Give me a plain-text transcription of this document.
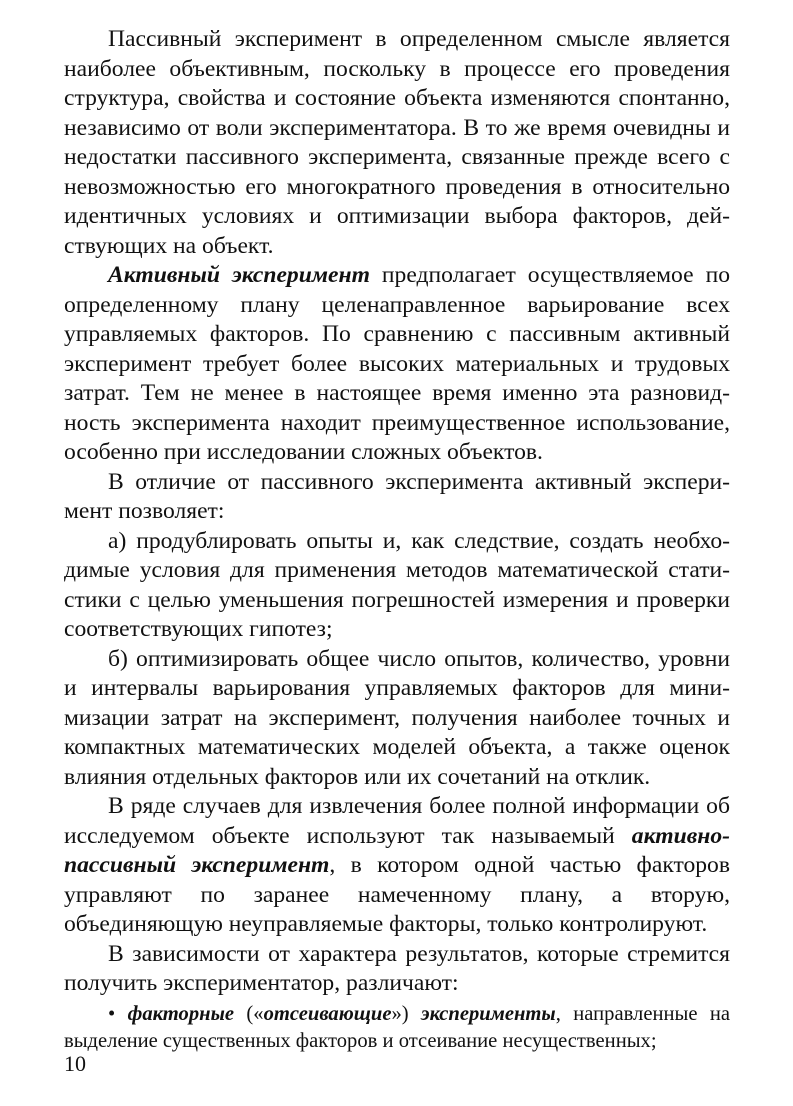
Пассивный эксперимент в определенном смысле является наиболее объективным, поскольку в процессе его проведения структура, свойства и состояние объекта изменяются спонтанно, независимо от воли экспериментатора. В то же время очевидны и недостатки пассивного эксперимента, связанные прежде всего с невозможностью его многократного проведения в относительно идентичных условиях и оптимизации выбора факторов, действующих на объект.

Активный эксперимент предполагает осуществляемое по определенному плану целенаправленное варьирование всех управляемых факторов. По сравнению с пассивным активный эксперимент требует более высоких материальных и трудовых затрат. Тем не менее в настоящее время именно эта разновидность эксперимента находит преимущественное использование, особенно при исследовании сложных объектов.

В отличие от пассивного эксперимента активный эксперимент позволяет:

а) продублировать опыты и, как следствие, создать необходимые условия для применения методов математической статистики с целью уменьшения погрешностей измерения и проверки соответствующих гипотез;

б) оптимизировать общее число опытов, количество, уровни и интервалы варьирования управляемых факторов для минимизации затрат на эксперимент, получения наиболее точных и компактных математических моделей объекта, а также оценок влияния отдельных факторов или их сочетаний на отклик.

В ряде случаев для извлечения более полной информации об исследуемом объекте используют так называемый активно-пассивный эксперимент, в котором одной частью факторов управляют по заранее намеченному плану, а вторую, объединяющую неуправляемые факторы, только контролируют.

В зависимости от характера результатов, которые стремится получить экспериментатор, различают:

• факторные («отсеивающие») эксперименты, направленные на выделение существенных факторов и отсеивание несущественных;

10
